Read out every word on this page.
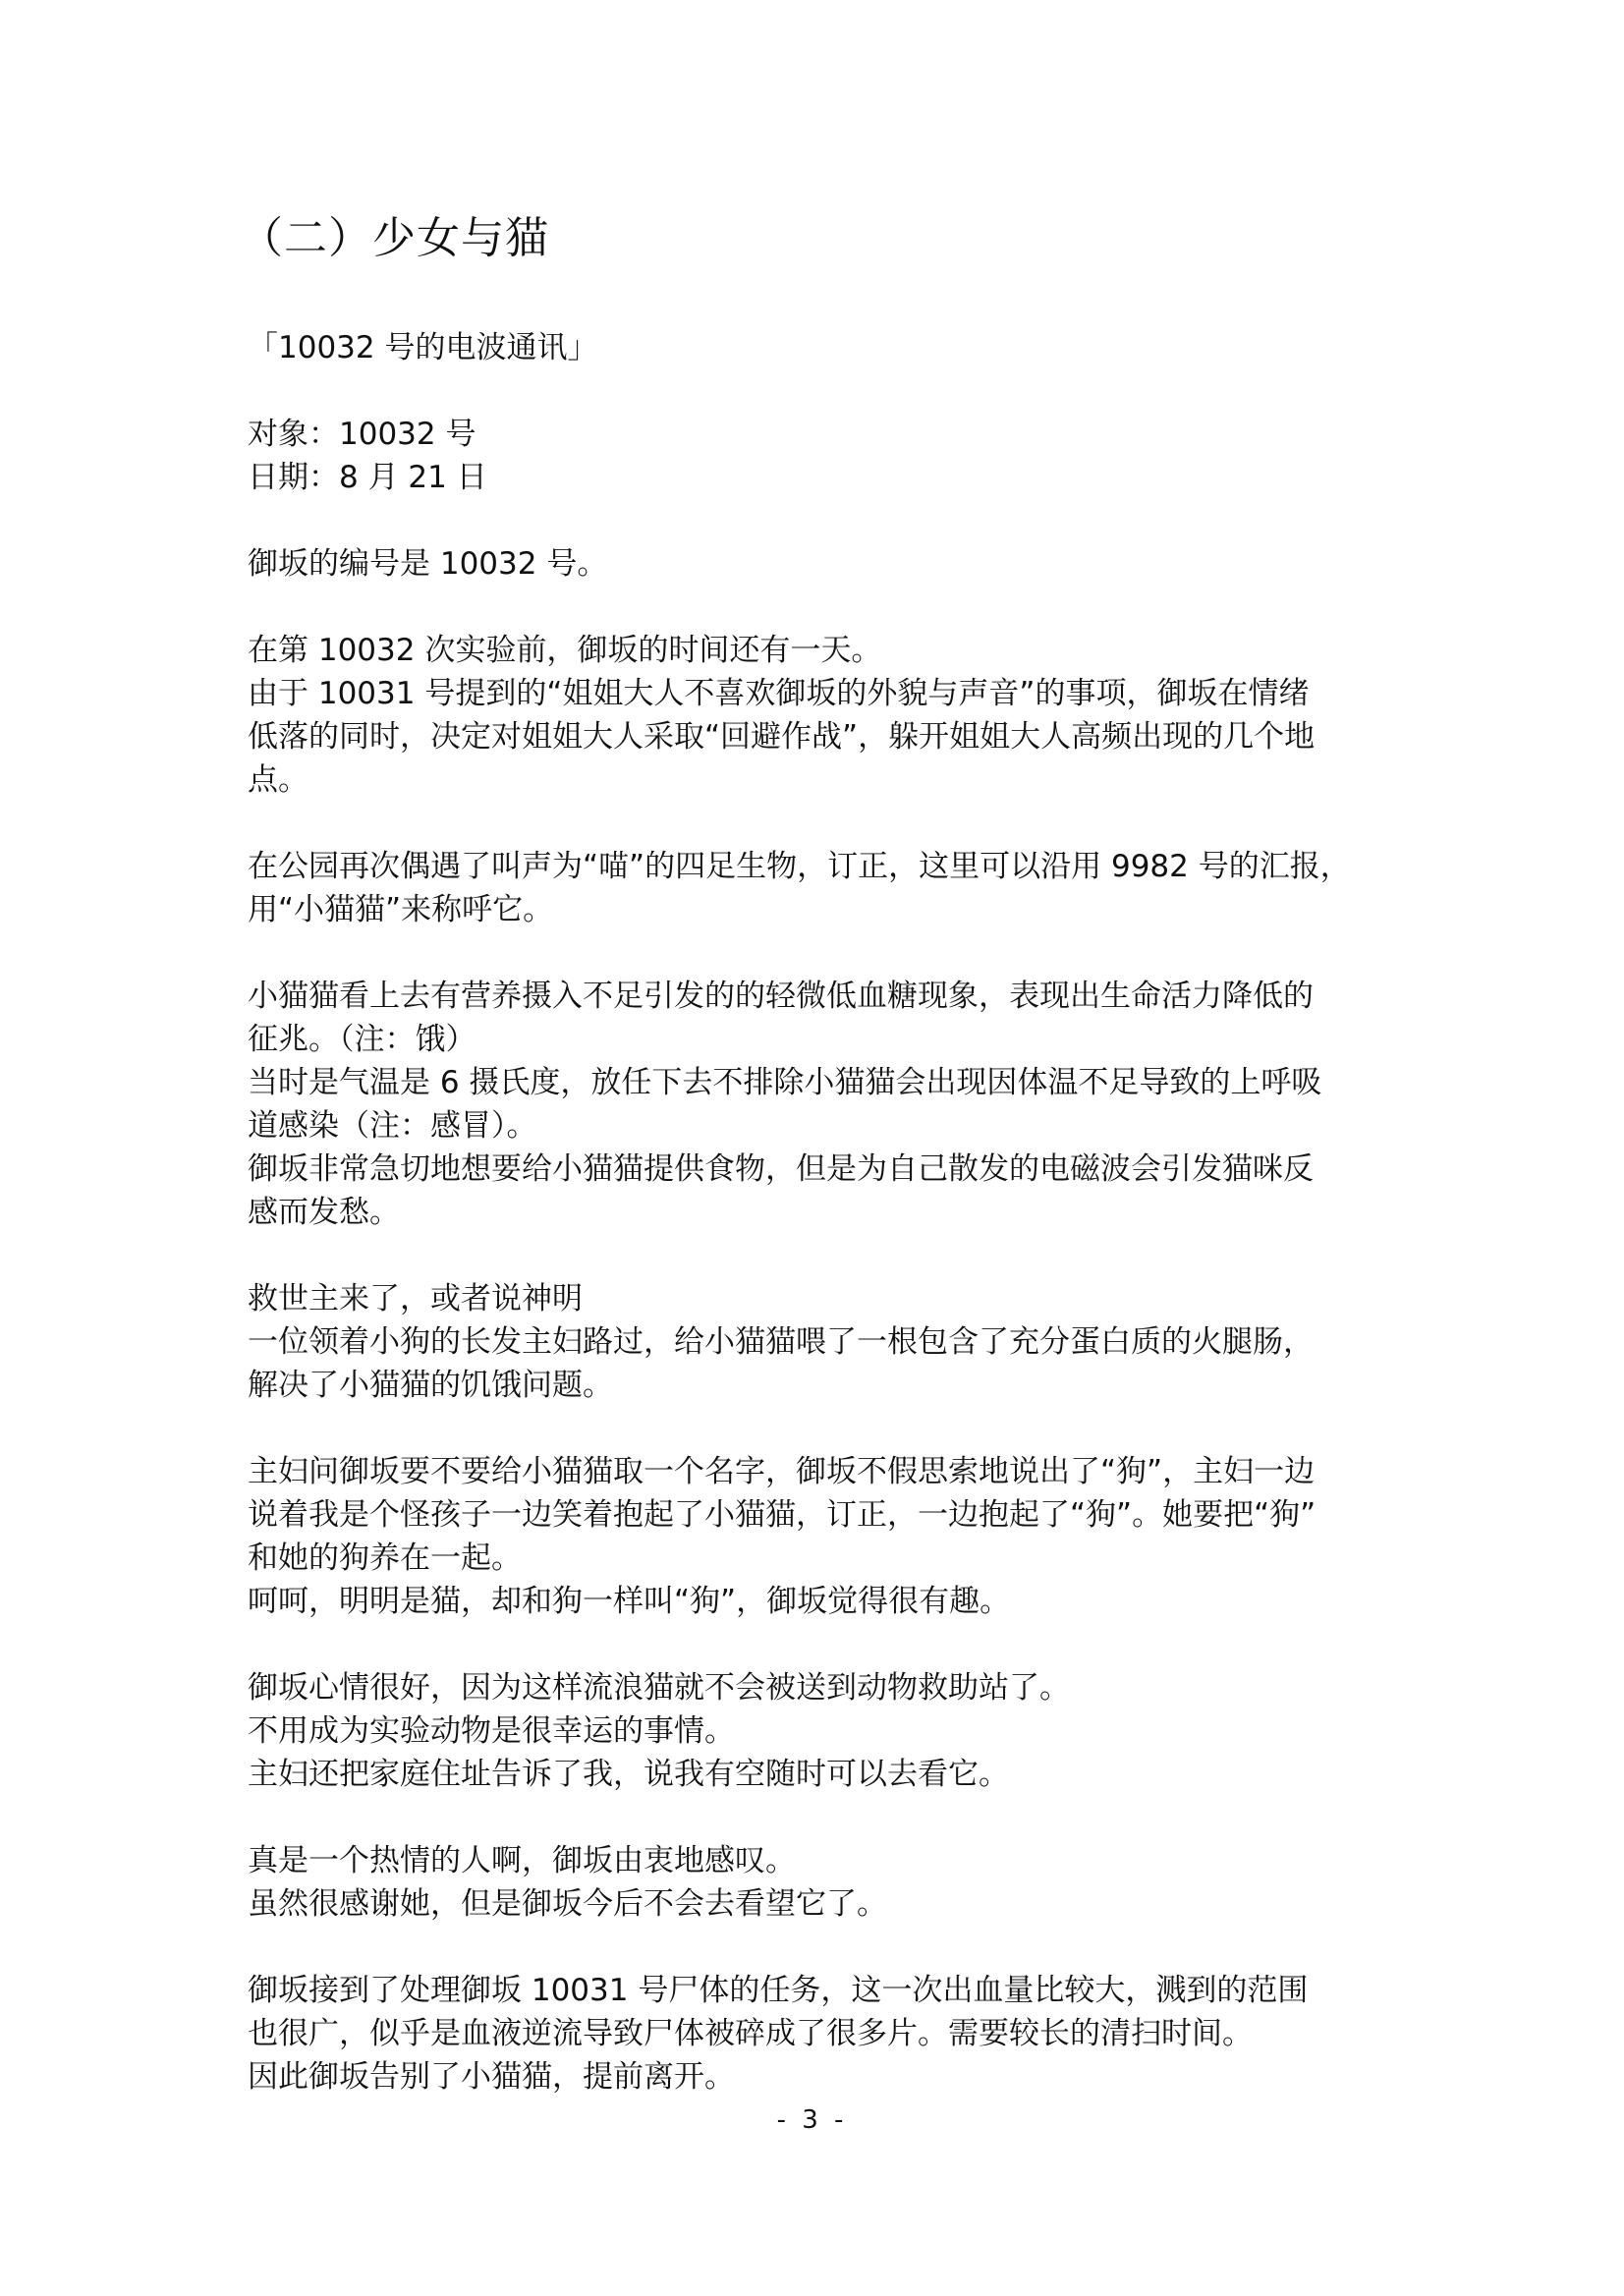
（二）少女与猫
「10032 号的电波通讯」
对象：10032 号
日期：8 月 21 日
御坂的编号是 10032 号。
在第 10032 次实验前，御坂的时间还有一天。
由于 10031 号提到的“姐姐大人不喜欢御坂的外貌与声音”的事项，御坂在情绪
低落的同时，决定对姐姐大人采取“回避作战”，躲开姐姐大人高频出现的几个地
点。
在公园再次偶遇了叫声为“喵”的四足生物，订正，这里可以沿用 9982 号的汇报，
用“小猫猫”来称呼它。
小猫猫看上去有营养摄入不足引发的的轻微低血糖现象，表现出生命活力降低的
征兆。（注：饿）
当时是气温是 6 摄氏度，放任下去不排除小猫猫会出现因体温不足导致的上呼吸
道感染（注：感冒）。
御坂非常急切地想要给小猫猫提供食物，但是为自己散发的电磁波会引发猫咪反
感而发愁。
救世主来了，或者说神明
一位领着小狗的长发主妇路过，给小猫猫喂了一根包含了充分蛋白质的火腿肠，
解决了小猫猫的饥饿问题。
主妇问御坂要不要给小猫猫取一个名字，御坂不假思索地说出了“狗”，主妇一边
说着我是个怪孩子一边笑着抱起了小猫猫，订正，一边抱起了“狗”。她要把“狗”
和她的狗养在一起。
呵呵，明明是猫，却和狗一样叫“狗”，御坂觉得很有趣。
御坂心情很好，因为这样流浪猫就不会被送到动物救助站了。
不用成为实验动物是很幸运的事情。
主妇还把家庭住址告诉了我，说我有空随时可以去看它。
真是一个热情的人啊，御坂由衷地感叹。
虽然很感谢她，但是御坂今后不会去看望它了。
御坂接到了处理御坂 10031 号尸体的任务，这一次出血量比较大，溅到的范围
也很广，似乎是血液逆流导致尸体被碎成了很多片。需要较长的清扫时间。
因此御坂告别了小猫猫，提前离开。
- 3 -
